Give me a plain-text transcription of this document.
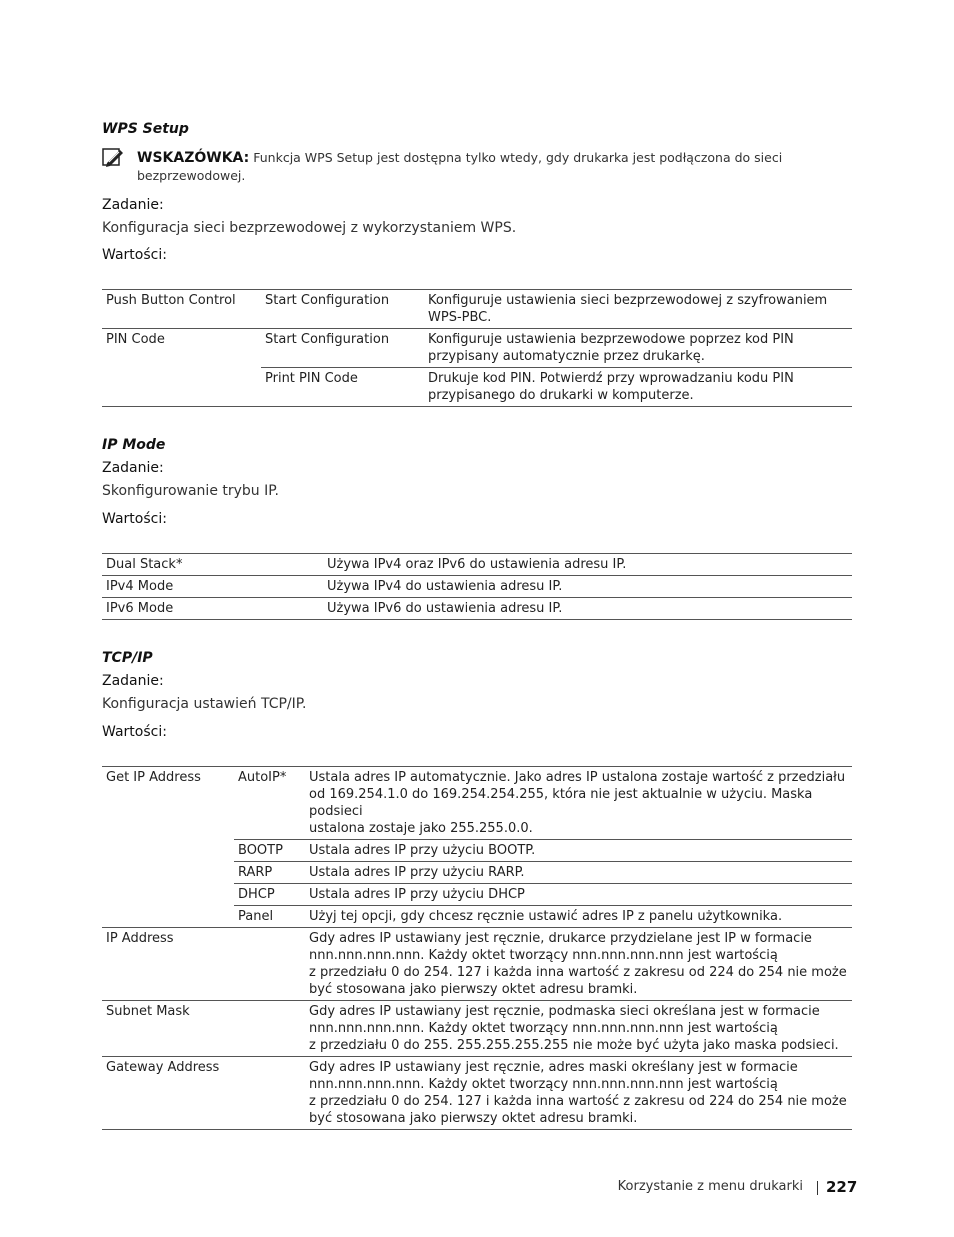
WPS Setup
WSKAZÓWKA: Funkcja WPS Setup jest dostępna tylko wtedy, gdy drukarka jest podłączona do sieci
bezprzewodowej.
Zadanie:
Konfiguracja sieci bezprzewodowej z wykorzystaniem WPS.
Wartości:
Push Button Control	Start Configuration	Konfiguruje ustawienia sieci bezprzewodowej z szyfrowaniem
WPS-PBC.
PIN Code	Start Configuration	Konfiguruje ustawienia bezprzewodowe poprzez kod PIN
przypisany automatycznie przez drukarkę.
	Print PIN Code	Drukuje kod PIN. Potwierdź przy wprowadzaniu kodu PIN
przypisanego do drukarki w komputerze.
IP Mode
Zadanie:
Skonfigurowanie trybu IP.
Wartości:
Dual Stack*	Używa IPv4 oraz IPv6 do ustawienia adresu IP.
IPv4 Mode	Używa IPv4 do ustawienia adresu IP.
IPv6 Mode	Używa IPv6 do ustawienia adresu IP.
TCP/IP
Zadanie:
Konfiguracja ustawień TCP/IP.
Wartości:
Get IP Address	AutoIP*	Ustala adres IP automatycznie. Jako adres IP ustalona zostaje wartość z przedziału
od 169.254.1.0 do 169.254.254.255, która nie jest aktualnie w użyciu. Maska podsieci
ustalona zostaje jako 255.255.0.0.
	BOOTP	Ustala adres IP przy użyciu BOOTP.
	RARP	Ustala adres IP przy użyciu RARP.
	DHCP	Ustala adres IP przy użyciu DHCP
	Panel	Użyj tej opcji, gdy chcesz ręcznie ustawić adres IP z panelu użytkownika.
IP Address		Gdy adres IP ustawiany jest ręcznie, drukarce przydzielane jest IP w formacie
nnn.nnn.nnn.nnn. Każdy oktet tworzący nnn.nnn.nnn.nnn jest wartością
z przedziału 0 do 254. 127 i każda inna wartość z zakresu od 224 do 254 nie może
być stosowana jako pierwszy oktet adresu bramki.
Subnet Mask		Gdy adres IP ustawiany jest ręcznie, podmaska sieci określana jest w formacie
nnn.nnn.nnn.nnn. Każdy oktet tworzący nnn.nnn.nnn.nnn jest wartością
z przedziału 0 do 255. 255.255.255.255 nie może być użyta jako maska podsieci.
Gateway Address		Gdy adres IP ustawiany jest ręcznie, adres maski określany jest w formacie
nnn.nnn.nnn.nnn. Każdy oktet tworzący nnn.nnn.nnn.nnn jest wartością
z przedziału 0 do 254. 127 i każda inna wartość z zakresu od 224 do 254 nie może
być stosowana jako pierwszy oktet adresu bramki.
Korzystanie z menu drukarki 227
